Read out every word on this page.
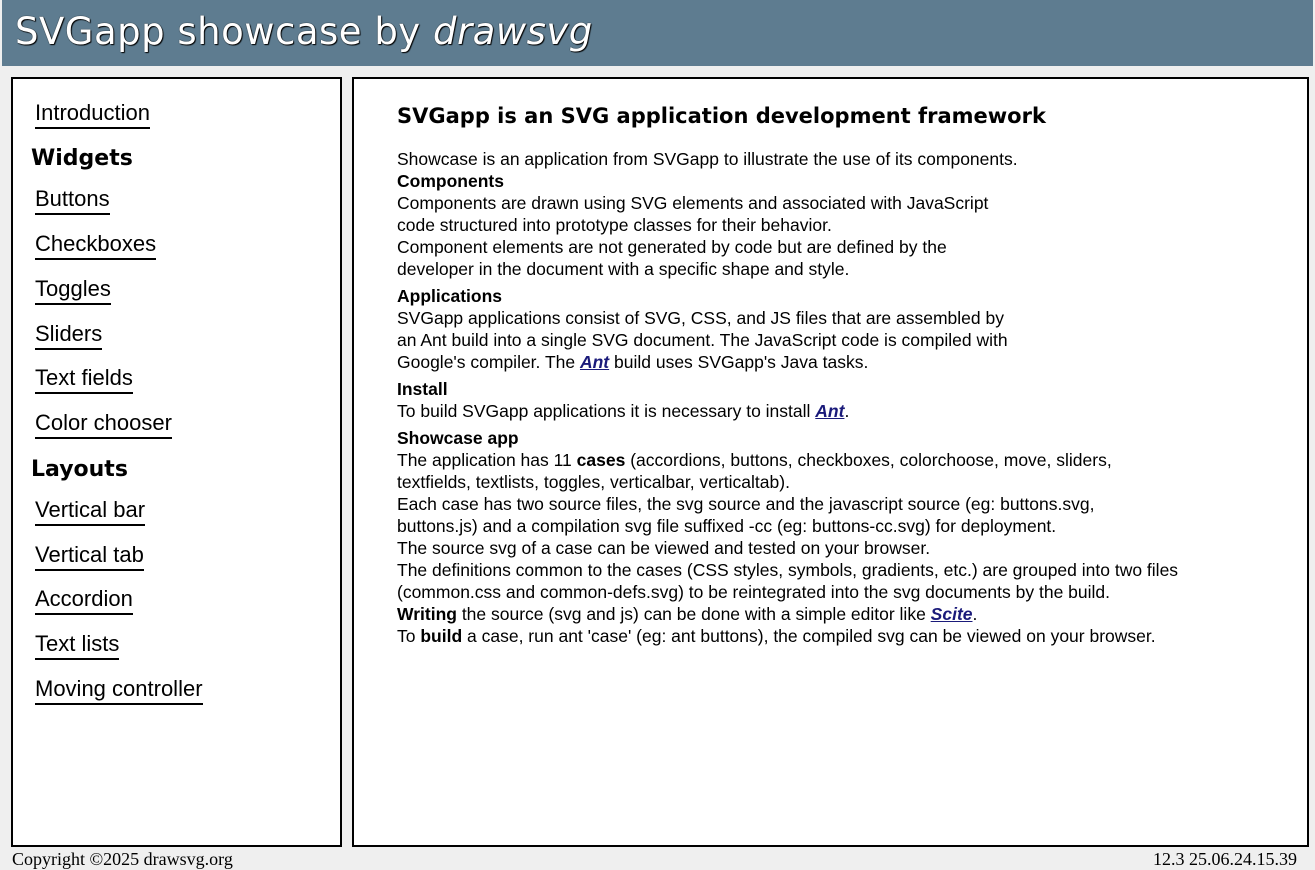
SVGapp showcase by drawsvg
Introduction
Widgets
Buttons
Checkboxes
Toggles
Sliders
Text fields
Color chooser
Layouts
Vertical bar
Vertical tab
Accordion
Text lists
Moving controller
SVGapp is an SVG application development framework

Showcase is an application from SVGapp to illustrate the use of its components.

Components

Components are drawn using SVG elements and associated with JavaScript
code structured into prototype classes for their behavior.
Component elements are not generated by code but are defined by the
developer in the document with a specific shape and style.

Applications

SVGapp applications consist of SVG, CSS, and JS files that are assembled by
an Ant build into a single SVG document. The JavaScript code is compiled with
Google's compiler. The Ant build uses SVGapp's Java tasks.

Install

To build SVGapp applications it is necessary to install Ant.

Showcase app

The application has 11 cases (accordions, buttons, checkboxes, colorchoose, move, sliders,
textfields, textlists, toggles, verticalbar, verticaltab).
Each case has two source files, the svg source and the javascript source (eg: buttons.svg,
buttons.js) and a compilation svg file suffixed -cc (eg: buttons-cc.svg) for deployment.
The source svg of a case can be viewed and tested on your browser.
The definitions common to the cases (CSS styles, symbols, gradients, etc.) are grouped into two files
(common.css and common-defs.svg) to be reintegrated into the svg documents by the build.
Writing the source (svg and js) can be done with a simple editor like Scite.
To build a case, run ant 'case' (eg: ant buttons), the compiled svg can be viewed on your browser.

Copyright ©2025 drawsvg.org	12.3 25.06.24.15.39
